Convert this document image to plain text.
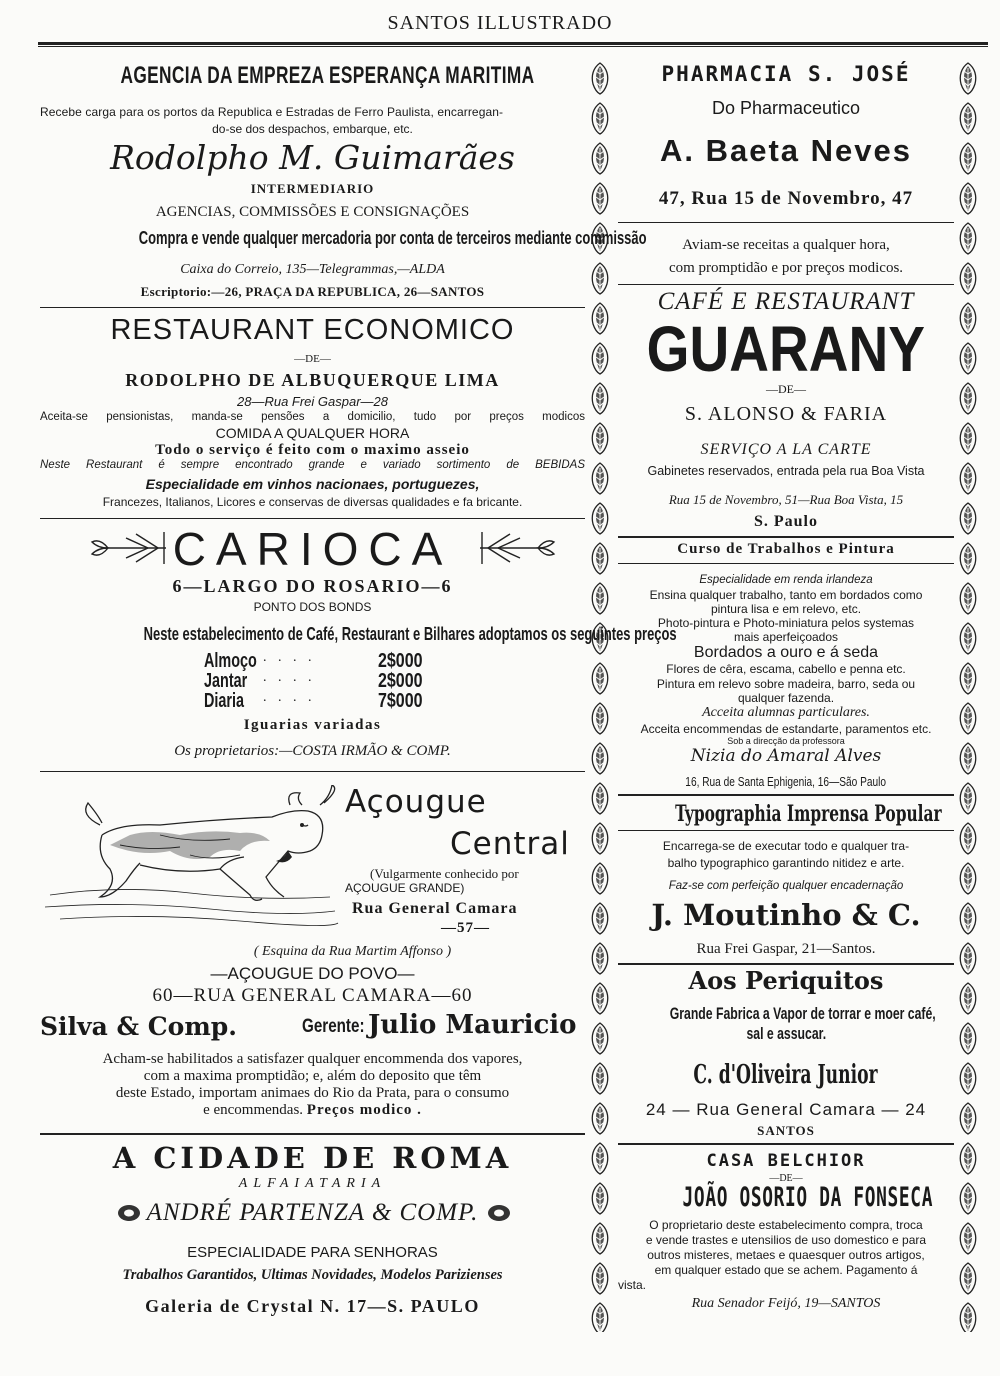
SANTOS ILLUSTRADO
AGENCIA DA EMPREZA ESPERANÇA MARITIMA
Recebe carga para os portos da Republica e Estradas de Ferro Paulista, encarregan-
do-se dos despachos, embarque, etc.
Rodolpho M. Guimarães
INTERMEDIARIO
AGENCIAS, COMMISSÕES E CONSIGNAÇÕES
Compra e vende qualquer mercadoria por conta de terceiros mediante commissão
Caixa do Correio, 135—Telegrammas,—ALDA
Escriptorio:—26, PRAÇA DA REPUBLICA, 26—SANTOS
RESTAURANT ECONOMICO
—DE—
RODOLPHO DE ALBUQUERQUE LIMA
28—Rua Frei Gaspar—28
Aceita-se pensionistas, manda-se pensões a domicilio, tudo por preços modicos
COMIDA A QUALQUER HORA
Todo o serviço é feito com o maximo asseio
Neste Restaurant é sempre encontrado grande e variado sortimento de BEBIDAS
Especialidade em vinhos nacionaes, portuguezes,
Francezes, Italianos, Licores e conservas de diversas qualidades e fa bricante.
CARIOCA
6—LARGO DO ROSARIO—6
PONTO DOS BONDS
Neste estabelecimento de Café, Restaurant e Bilhares adoptamos os seguintes preços
Almoço . . . .	2$000
Jantar . . . .	2$000
Diaria . . . .	7$000
Iguarias variadas
Os proprietarios:—COSTA IRMÃO & COMP.
Açougue
Central
(Vulgarmente conhecido por
AÇOUGUE GRANDE)
Rua General Camara
—57—
( Esquina da Rua Martim Affonso )
—AÇOUGUE DO POVO—
60—RUA GENERAL CAMARA—60
Silva & Comp.	Gerente: Julio Mauricio
Acham-se habilitados a satisfazer qualquer encommenda dos vapores,
com a maxima promptidão; e, além do deposito que têm
deste Estado, importam animaes do Rio da Prata, para o consumo
e encommendas. Preços modico .
A CIDADE DE ROMA
ALFAIATARIA
ANDRÉ PARTENZA & COMP.
ESPECIALIDADE PARA SENHORAS
Trabalhos Garantidos, Ultimas Novidades, Modelos Parizienses
Galeria de Crystal N. 17—S. PAULO
PHARMACIA S. JOSÉ
Do Pharmaceutico
A. Baeta Neves
47, Rua 15 de Novembro, 47
Aviam-se receitas a qualquer hora,
com promptidão e por preços modicos.
CAFÉ E RESTAURANT
GUARANY
—DE—
S. ALONSO & FARIA
SERVIÇO A LA CARTE
Gabinetes reservados, entrada pela rua Boa Vista
Rua 15 de Novembro, 51—Rua Boa Vista, 15
S. Paulo
Curso de Trabalhos e Pintura
Especialidade em renda irlandeza
Ensina qualquer trabalho, tanto em bordados como
pintura lisa e em relevo, etc.
Photo-pintura e Photo-miniatura pelos systemas
mais aperfeiçoados
Bordados a ouro e á seda
Flores de cêra, escama, cabello e penna etc.
Pintura em relevo sobre madeira, barro, seda ou
qualquer fazenda.
Acceita alumnas particulares.
Acceita encommendas de estandarte, paramentos etc.
Sob a direcção da professora
Nizia do Amaral Alves
16, Rua de Santa Ephigenia, 16—São Paulo
Typographia Imprensa Popular
Encarrega-se de executar todo e qualquer tra-
balho typographico garantindo nitidez e arte.
Faz-se com perfeição qualquer encadernação
J. Moutinho & C.
Rua Frei Gaspar, 21—Santos.
Aos Periquitos
Grande Fabrica a Vapor de torrar e moer café,
sal e assucar.
C. d'Oliveira Junior
24 — Rua General Camara — 24
SANTOS
CASA BELCHIOR
—DE—
JOÃO OSORIO DA FONSECA
O proprietario deste estabelecimento compra, troca
e vende trastes e utensilios de uso domestico e para
outros misteres, metaes e quaesquer outros artigos,
em qualquer estado que se achem. Pagamento á
vista.
Rua Senador Feijó, 19—SANTOS
